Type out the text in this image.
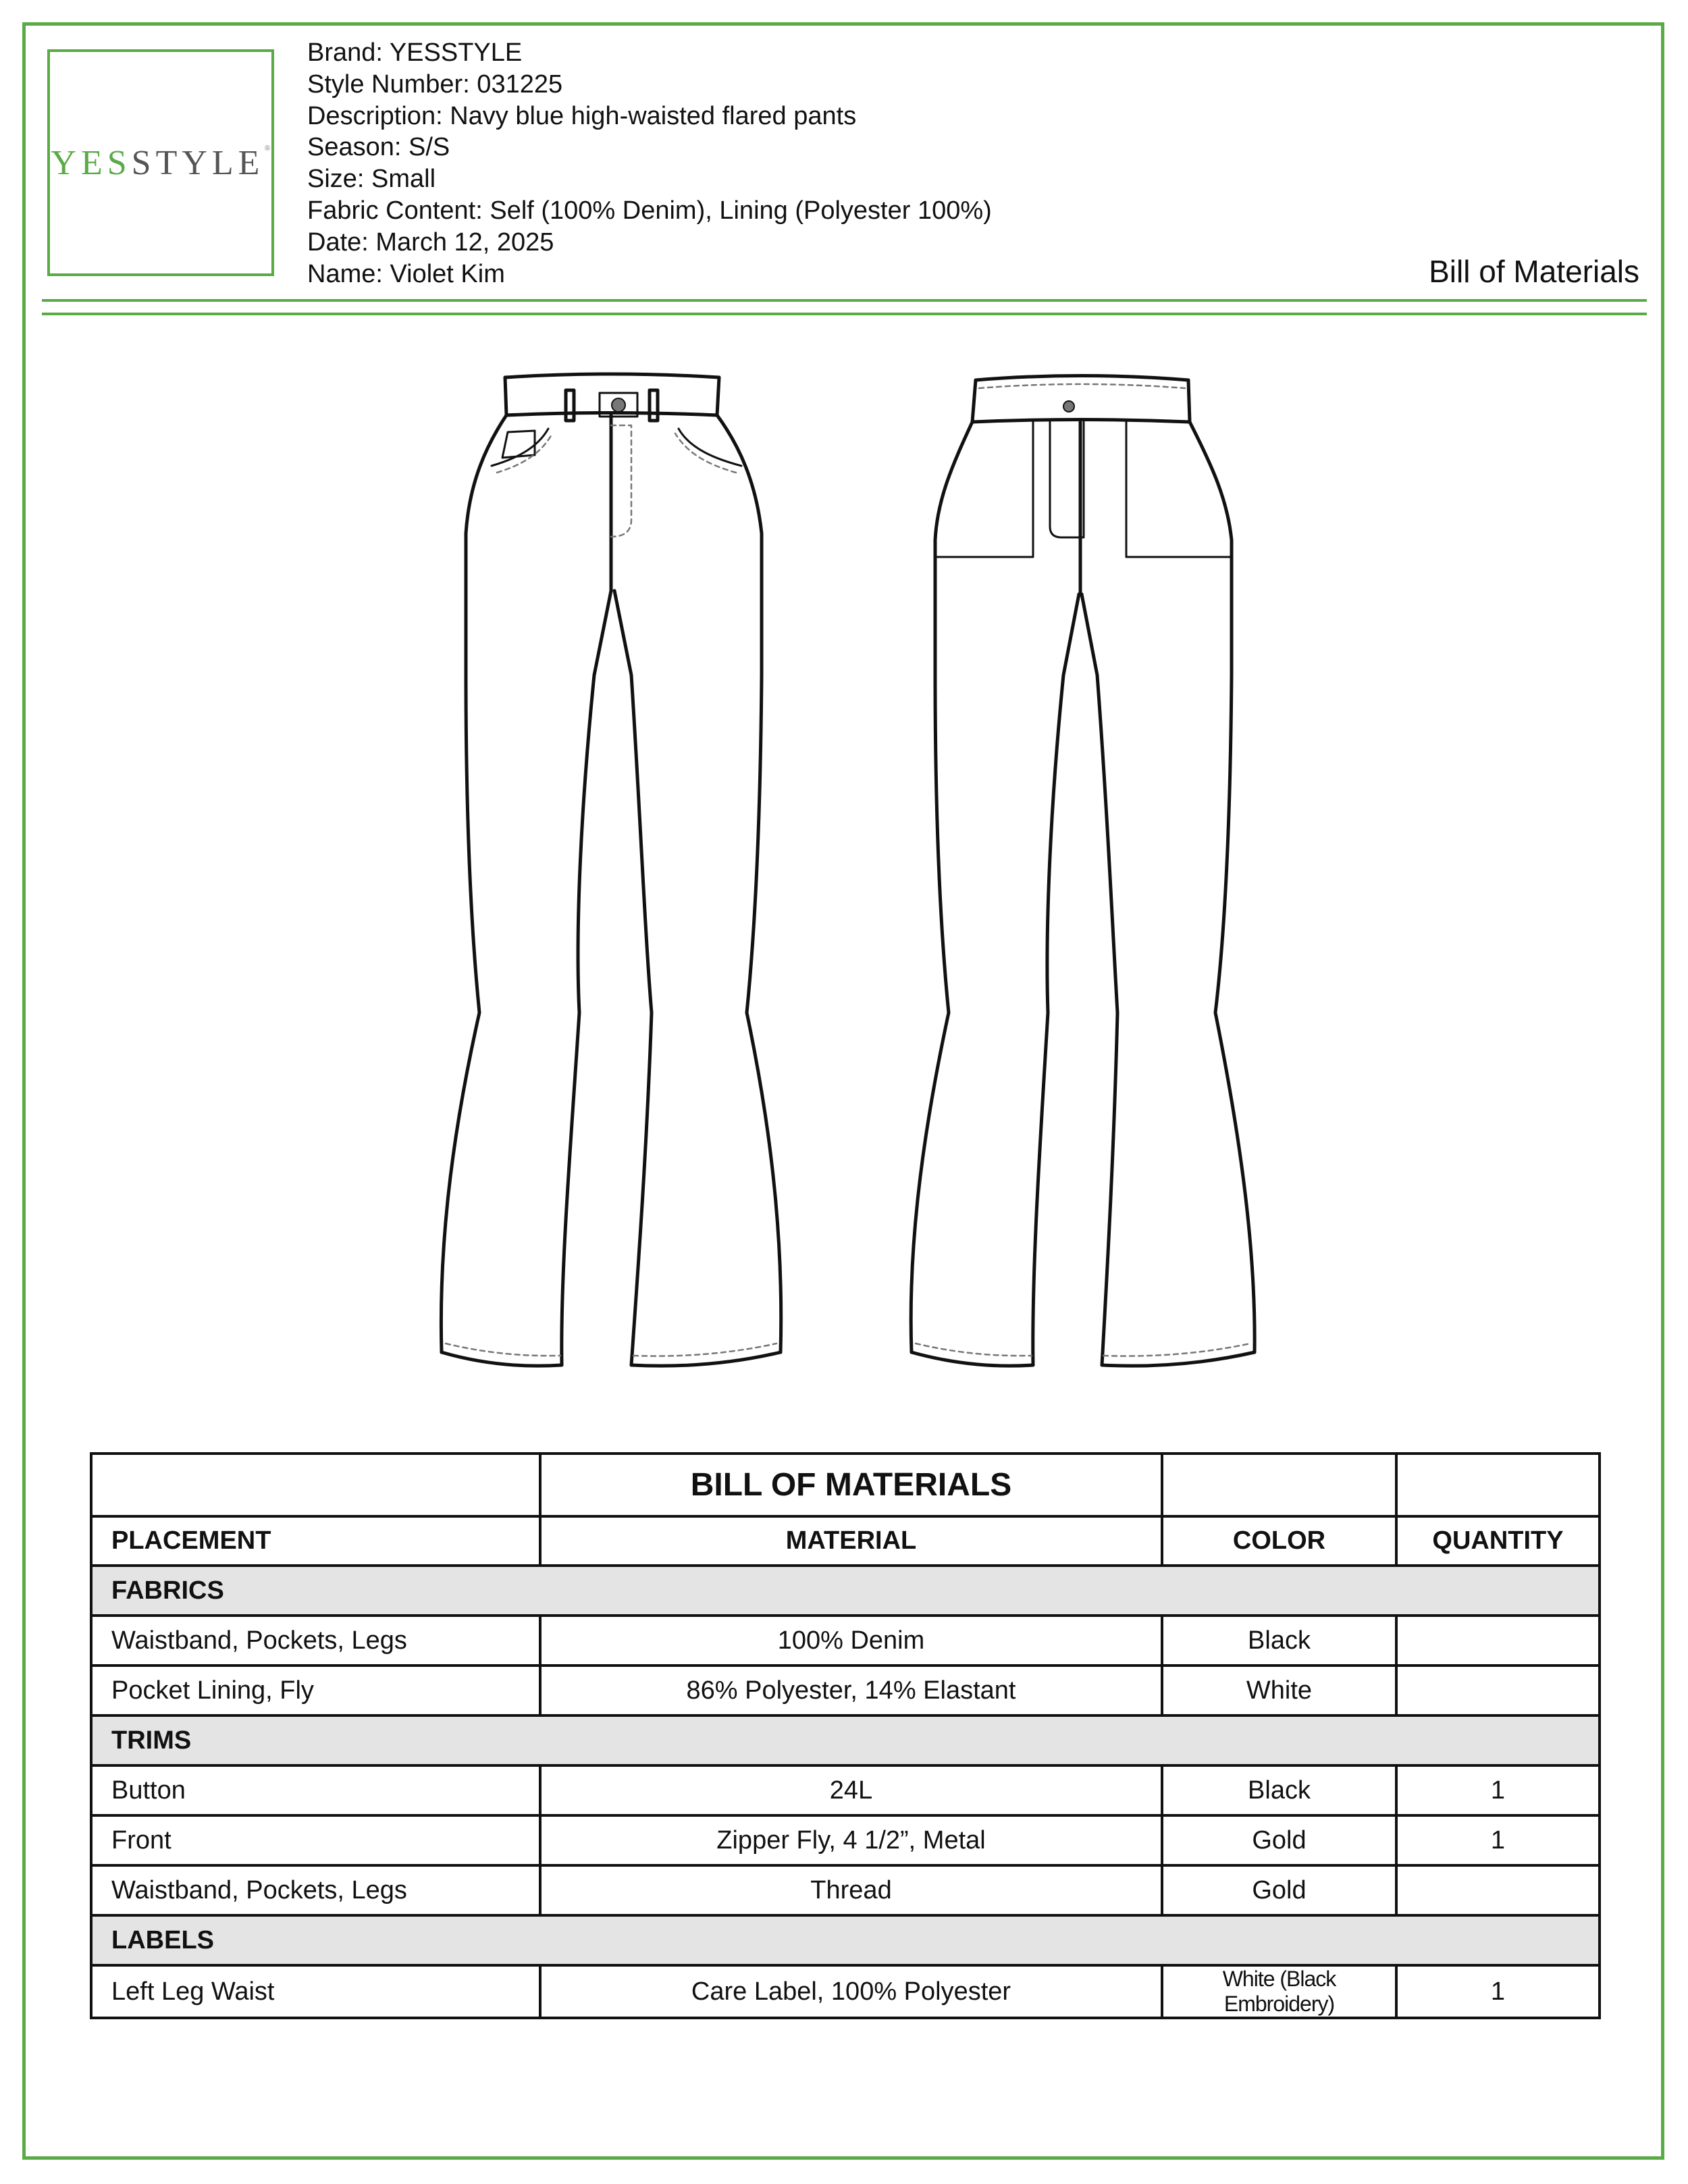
YESSTYLE®
Brand: YESSTYLE
Style Number: 031225
Description: Navy blue high-waisted flared pants
Season: S/S
Size: Small
Fabric Content: Self (100% Denim), Lining (Polyester 100%)
Date: March 12, 2025
Name: Violet Kim	Bill of Materials
	BILL OF MATERIALS		
PLACEMENT	MATERIAL	COLOR	QUANTITY
FABRICS			
Waistband, Pockets, Legs	100% Denim	Black	
Pocket Lining, Fly	86% Polyester, 14% Elastant	White	
TRIMS			
Button	24L	Black	1
Front	Zipper Fly, 4 1/2”, Metal	Gold	1
Waistband, Pockets, Legs	Thread	Gold	
LABELS			
Left Leg Waist	Care Label, 100% Polyester	White (Black Embroidery)	1
